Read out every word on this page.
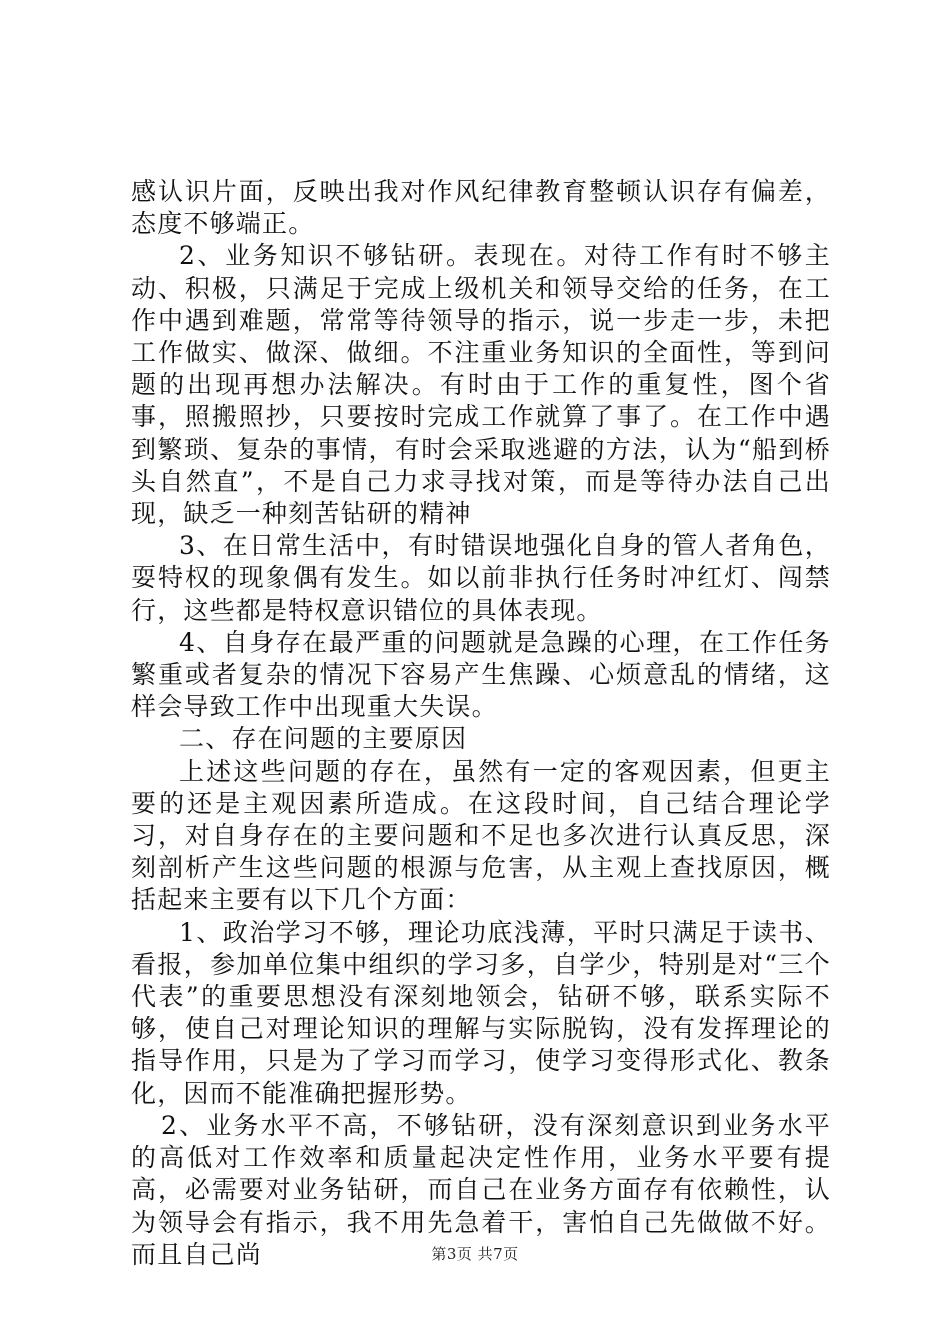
感认识片面，反映出我对作风纪律教育整顿认识存有偏差，态度不够端正。

2、业务知识不够钻研。表现在。对待工作有时不够主动、积极，只满足于完成上级机关和领导交给的任务，在工作中遇到难题，常常等待领导的指示，说一步走一步，未把工作做实、做深、做细。不注重业务知识的全面性，等到问题的出现再想办法解决。有时由于工作的重复性，图个省事，照搬照抄，只要按时完成工作就算了事了。在工作中遇到繁琐、复杂的事情，有时会采取逃避的方法，认为“船到桥头自然直”，不是自己力求寻找对策，而是等待办法自己出现，缺乏一种刻苦钻研的精神

3、在日常生活中，有时错误地强化自身的管人者角色，耍特权的现象偶有发生。如以前非执行任务时冲红灯、闯禁行，这些都是特权意识错位的具体表现。

4、自身存在最严重的问题就是急躁的心理，在工作任务繁重或者复杂的情况下容易产生焦躁、心烦意乱的情绪，这样会导致工作中出现重大失误。

二、存在问题的主要原因

上述这些问题的存在，虽然有一定的客观因素，但更主要的还是主观因素所造成。在这段时间，自己结合理论学习，对自身存在的主要问题和不足也多次进行认真反思，深刻剖析产生这些问题的根源与危害，从主观上查找原因，概括起来主要有以下几个方面：

1、政治学习不够，理论功底浅薄，平时只满足于读书、看报，参加单位集中组织的学习多，自学少，特别是对“三个代表”的重要思想没有深刻地领会，钻研不够，联系实际不够，使自己对理论知识的理解与实际脱钩，没有发挥理论的指导作用，只是为了学习而学习，使学习变得形式化、教条化，因而不能准确把握形势。

2、业务水平不高，不够钻研，没有深刻意识到业务水平的高低对工作效率和质量起决定性作用，业务水平要有提高，必需要对业务钻研，而自己在业务方面存有依赖性，认为领导会有指示，我不用先急着干，害怕自己先做做不好。而且自己尚	第3页 共7页
